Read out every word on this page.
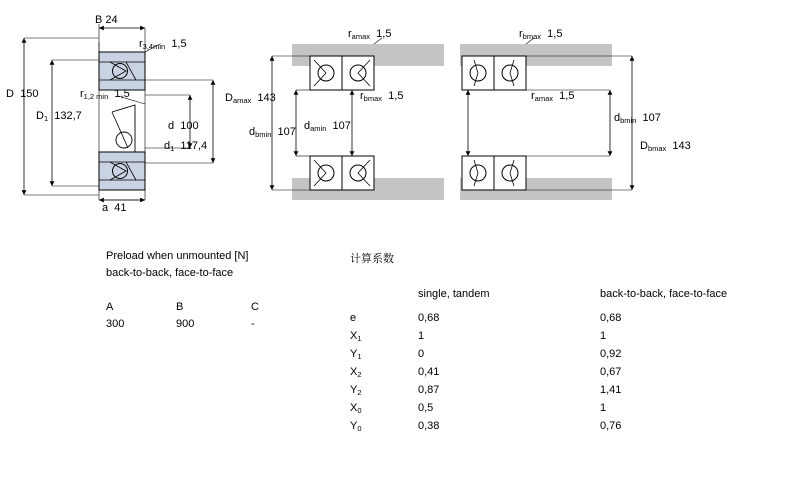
B 24
$r_{3,4min}$ 1,5
$r_{1,2 min}$ 1,5
D 150
$D_1$ 132,7
d 100
$d_1$ 117,4
a 41
$r_{amax}$ 1,5
$r_{bmax}$ 1,5
$D_{amax}$ 143
$d_{bmin}$ 107 $d_{amin}$ 107
$r_{bmax}$ 1,5
$r_{amax}$ 1,5
$d_{bmin}$ 107
$D_{bmax}$ 143
Preload when unmounted [N]
back-to-back, face-to-face
A	B	C
300	900	-
计算系数
	single, tandem	back-to-back, face-to-face

e	0,68	0,68
$X_1$	1	1
$Y_1$	0	0,92
$X_2$	0,41	0,67
$Y_2$	0,87	1,41
$X_0$	0,5	1
$Y_0$	0,38	0,76
